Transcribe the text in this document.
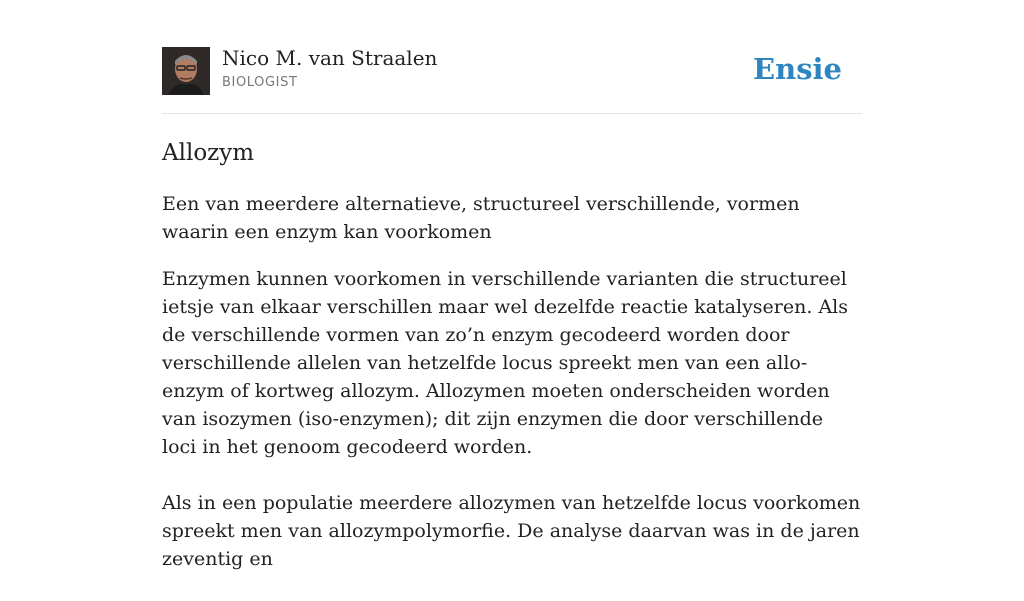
Nico M. van Straalen
BIOLOGIST	Ensie
Allozym

Een van meerdere alternatieve, structureel verschillende, vormen waarin een enzym kan voorkomen

Enzymen kunnen voorkomen in verschillende varianten die structureel ietsje van elkaar verschillen maar wel dezelfde reactie katalyseren. Als de verschillende vormen van zo’n enzym gecodeerd worden door verschillende allelen van hetzelfde locus spreekt men van een allo-enzym of kortweg allozym. Allozymen moeten onderscheiden worden van isozymen (iso-enzymen); dit zijn enzymen die door verschillende loci in het genoom gecodeerd worden.

Als in een populatie meerdere allozymen van hetzelfde locus voorkomen spreekt men van allozympolymorfie. De analyse daarvan was in de jaren zeventig en
